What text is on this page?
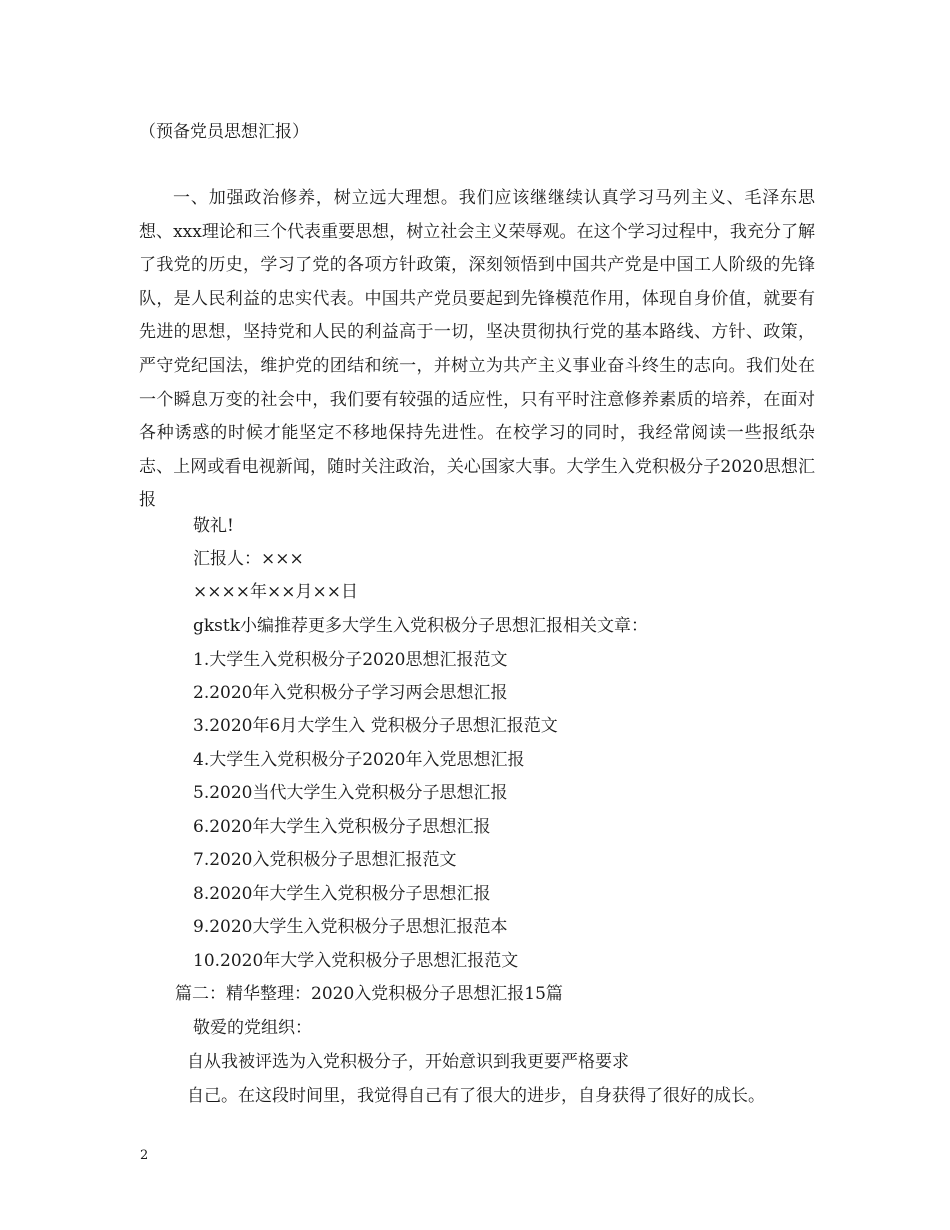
（预备党员思想汇报）
一、加强政治修养，树立远大理想。我们应该继继续认真学习马列主义、毛泽东思想、xxx理论和三个代表重要思想，树立社会主义荣辱观。在这个学习过程中，我充分了解了我党的历史，学习了党的各项方针政策，深刻领悟到中国共产党是中国工人阶级的先锋队，是人民利益的忠实代表。中国共产党员要起到先锋模范作用，体现自身价值，就要有先进的思想，坚持党和人民的利益高于一切，坚决贯彻执行党的基本路线、方针、政策，严守党纪国法，维护党的团结和统一，并树立为共产主义事业奋斗终生的志向。我们处在一个瞬息万变的社会中，我们要有较强的适应性，只有平时注意修养素质的培养，在面对各种诱惑的时候才能坚定不移地保持先进性。在校学习的同时，我经常阅读一些报纸杂志、上网或看电视新闻，随时关注政治，关心国家大事。大学生入党积极分子2020思想汇报
敬礼!
汇报人：×××
××××年××月××日
gkstk小编推荐更多大学生入党积极分子思想汇报相关文章：
1.大学生入党积极分子2020思想汇报范文
2.2020年入党积极分子学习两会思想汇报
3.2020年6月大学生入 党积极分子思想汇报范文
4.大学生入党积极分子2020年入党思想汇报
5.2020当代大学生入党积极分子思想汇报
6.2020年大学生入党积极分子思想汇报
7.2020入党积极分子思想汇报范文
8.2020年大学生入党积极分子思想汇报
9.2020大学生入党积极分子思想汇报范本
10.2020年大学入党积极分子思想汇报范文
篇二：精华整理：2020入党积极分子思想汇报15篇
敬爱的党组织：
自从我被评选为入党积极分子，开始意识到我更要严格要求
自己。在这段时间里，我觉得自己有了很大的进步，自身获得了很好的成长。
2
